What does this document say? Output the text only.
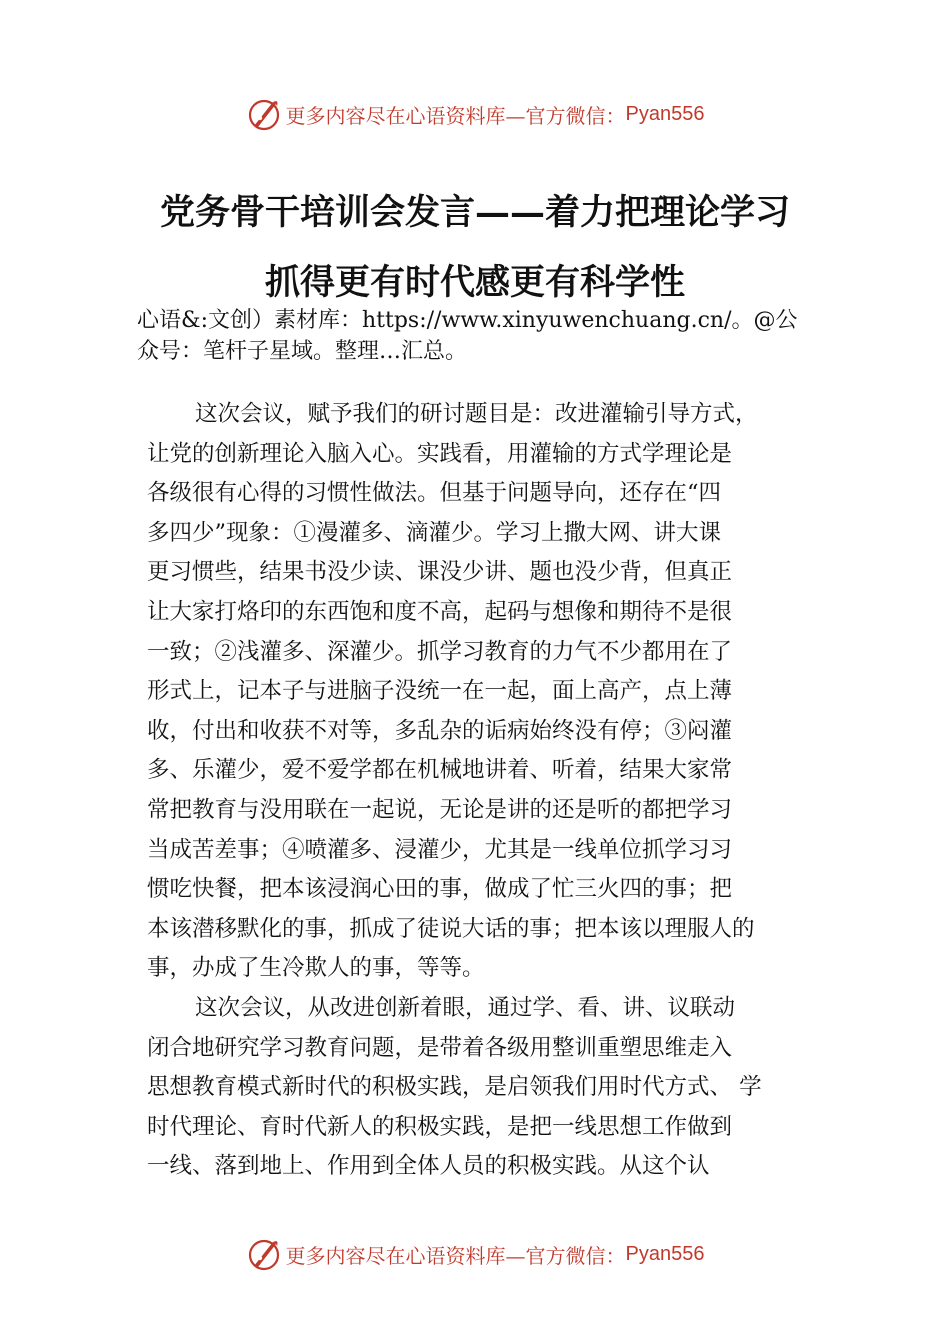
更多内容尽在心语资料库—官方微信： Pyan556
党务骨干培训会发言——着力把理论学习
抓得更有时代感更有科学性
心语&:文创）素材库：https://www.xinyuwenchuang.cn/。@公
众号：笔杆子星域。整理…汇总。
这次会议，赋予我们的研讨题目是：改进灌输引导方式，
让党的创新理论入脑入心。实践看，用灌输的方式学理论是
各级很有心得的习惯性做法。但基于问题导向，还存在“四
多四少”现象：①漫灌多、滴灌少。学习上撒大网、讲大课
更习惯些，结果书没少读、课没少讲、题也没少背，但真正
让大家打烙印的东西饱和度不高，起码与想像和期待不是很
一致；②浅灌多、深灌少。抓学习教育的力气不少都用在了
形式上，记本子与进脑子没统一在一起，面上高产，点上薄
收，付出和收获不对等，多乱杂的诟病始终没有停；③闷灌
多、乐灌少，爱不爱学都在机械地讲着、听着，结果大家常
常把教育与没用联在一起说，无论是讲的还是听的都把学习
当成苦差事；④喷灌多、浸灌少，尤其是一线单位抓学习习
惯吃快餐，把本该浸润心田的事，做成了忙三火四的事；把
本该潜移默化的事，抓成了徒说大话的事；把本该以理服人的
事，办成了生冷欺人的事，等等。
这次会议，从改进创新着眼，通过学、看、讲、议联动
闭合地研究学习教育问题，是带着各级用整训重塑思维走入
思想教育模式新时代的积极实践，是启领我们用时代方式、 学
时代理论、育时代新人的积极实践，是把一线思想工作做到
一线、落到地上、作用到全体人员的积极实践。从这个认
更多内容尽在心语资料库—官方微信： Pyan556
